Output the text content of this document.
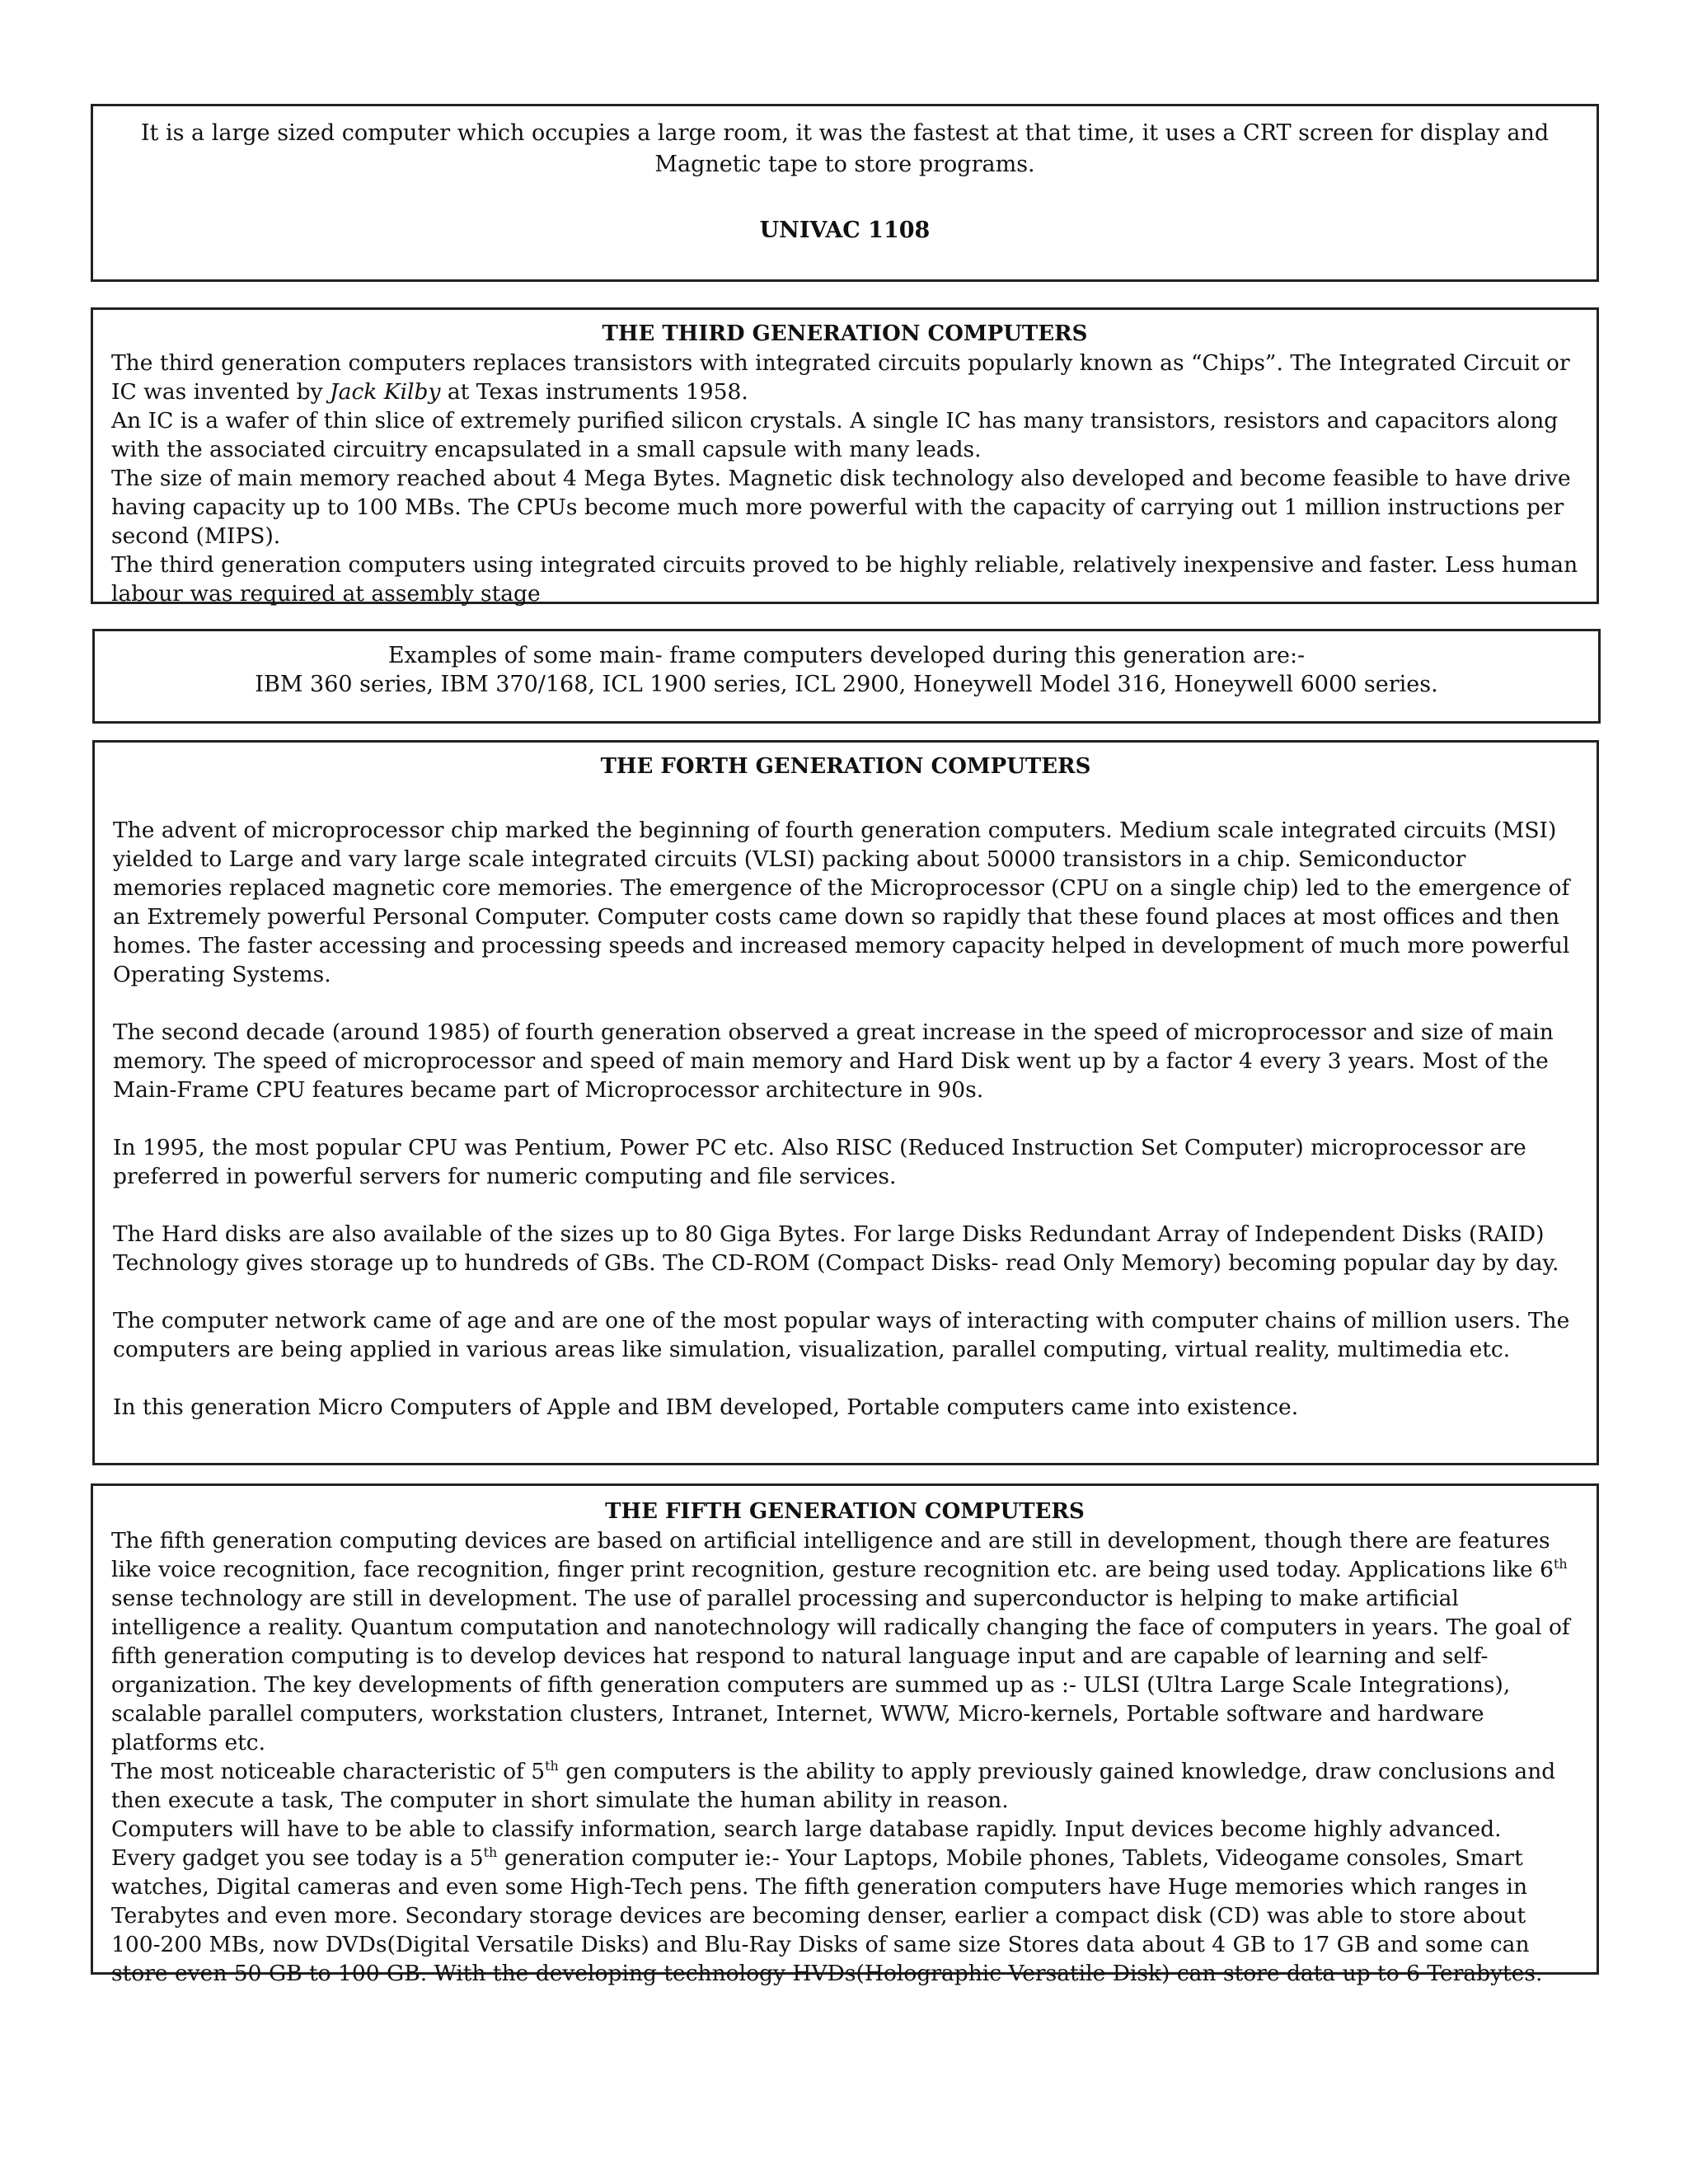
It is a large sized computer which occupies a large room, it was the fastest at that time, it uses a CRT screen for display and Magnetic tape to store programs.

UNIVAC 1108

THE THIRD GENERATION COMPUTERS

The third generation computers replaces transistors with integrated circuits popularly known as “Chips”. The Integrated Circuit or IC was invented by Jack Kilby at Texas instruments 1958.

An IC is a wafer of thin slice of extremely purified silicon crystals. A single IC has many transistors, resistors and capacitors along with the associated circuitry encapsulated in a small capsule with many leads.

The size of main memory reached about 4 Mega Bytes. Magnetic disk technology also developed and become feasible to have drive having capacity up to 100 MBs. The CPUs become much more powerful with the capacity of carrying out 1 million instructions per second (MIPS).

The third generation computers using integrated circuits proved to be highly reliable, relatively inexpensive and faster. Less human labour was required at assembly stage

Examples of some main- frame computers developed during this generation are:-

IBM 360 series, IBM 370/168, ICL 1900 series, ICL 2900, Honeywell Model 316, Honeywell 6000 series.

THE FORTH GENERATION COMPUTERS

The advent of microprocessor chip marked the beginning of fourth generation computers. Medium scale integrated circuits (MSI) yielded to Large and vary large scale integrated circuits (VLSI) packing about 50000 transistors in a chip. Semiconductor memories replaced magnetic core memories. The emergence of the Microprocessor (CPU on a single chip) led to the emergence of an Extremely powerful Personal Computer. Computer costs came down so rapidly that these found places at most offices and then homes. The faster accessing and processing speeds and increased memory capacity helped in development of much more powerful Operating Systems.

The second decade (around 1985) of fourth generation observed a great increase in the speed of microprocessor and size of main memory. The speed of microprocessor and speed of main memory and Hard Disk went up by a factor 4 every 3 years. Most of the Main-Frame CPU features became part of Microprocessor architecture in 90s.

In 1995, the most popular CPU was Pentium, Power PC etc. Also RISC (Reduced Instruction Set Computer) microprocessor are preferred in powerful servers for numeric computing and file services.

The Hard disks are also available of the sizes up to 80 Giga Bytes. For large Disks Redundant Array of Independent Disks (RAID) Technology gives storage up to hundreds of GBs. The CD-ROM (Compact Disks- read Only Memory) becoming popular day by day.

The computer network came of age and are one of the most popular ways of interacting with computer chains of million users. The computers are being applied in various areas like simulation, visualization, parallel computing, virtual reality, multimedia etc.

In this generation Micro Computers of Apple and IBM developed, Portable computers came into existence.

THE FIFTH GENERATION COMPUTERS

The fifth generation computing devices are based on artificial intelligence and are still in development, though there are features like voice recognition, face recognition, finger print recognition, gesture recognition etc. are being used today. Applications like 6th sense technology are still in development. The use of parallel processing and superconductor is helping to make artificial intelligence a reality. Quantum computation and nanotechnology will radically changing the face of computers in years. The goal of fifth generation computing is to develop devices hat respond to natural language input and are capable of learning and self-organization. The key developments of fifth generation computers are summed up as :- ULSI (Ultra Large Scale Integrations), scalable parallel computers, workstation clusters, Intranet, Internet, WWW, Micro-kernels, Portable software and hardware platforms etc.

The most noticeable characteristic of 5th gen computers is the ability to apply previously gained knowledge, draw conclusions and then execute a task, The computer in short simulate the human ability in reason.

Computers will have to be able to classify information, search large database rapidly. Input devices become highly advanced.

Every gadget you see today is a 5th generation computer ie:- Your Laptops, Mobile phones, Tablets, Videogame consoles, Smart watches, Digital cameras and even some High-Tech pens. The fifth generation computers have Huge memories which ranges in Terabytes and even more. Secondary storage devices are becoming denser, earlier a compact disk (CD) was able to store about 100-200 MBs, now DVDs(Digital Versatile Disks) and Blu-Ray Disks of same size Stores data about 4 GB to 17 GB and some can store even 50 GB to 100 GB. With the developing technology HVDs(Holographic Versatile Disk) can store data up to 6 Terabytes.
